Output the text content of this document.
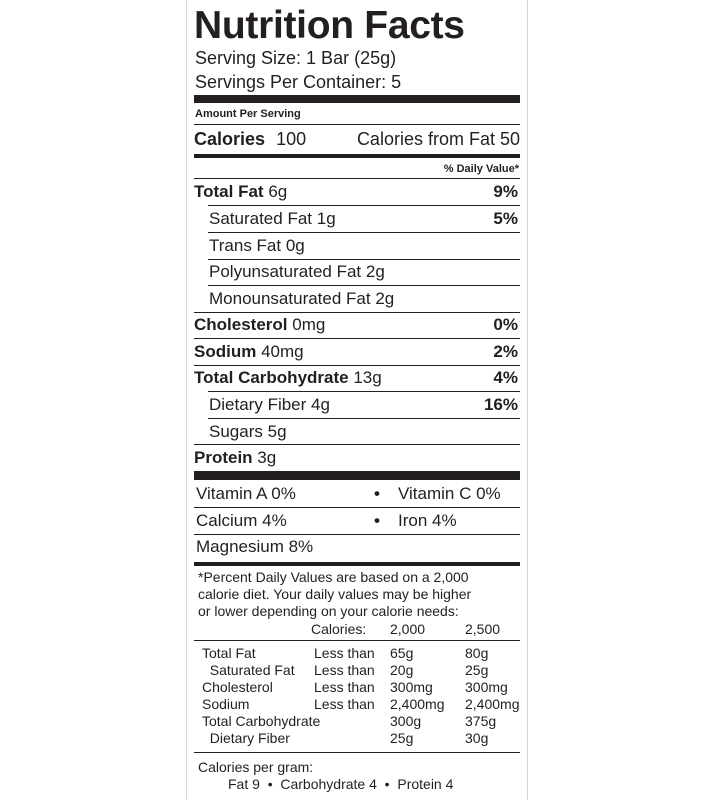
Nutrition Facts
Serving Size: 1 Bar (25g)
Servings Per Container: 5
Amount Per Serving
Calories 100	Calories from Fat 50
% Daily Value*
Total Fat 6g	9%
Saturated Fat 1g	5%
Trans Fat 0g
Polyunsaturated Fat 2g
Monounsaturated Fat 2g
Cholesterol 0mg	0%
Sodium 40mg	2%
Total Carbohydrate 13g	4%
Dietary Fiber 4g	16%
Sugars 5g
Protein 3g
Vitamin A 0%	• Vitamin C 0%
Calcium 4%	• Iron 4%
Magnesium 8%
*Percent Daily Values are based on a 2,000
calorie diet. Your daily values may be higher
or lower depending on your calorie needs:
Calories: 2,000	2,500
Total Fat	Less than 65g	80g
Saturated Fat Less than 20g	25g
Cholesterol	Less than 300mg 300mg
Sodium	Less than 2,400mg 2,400mg
Total Carbohydrate	300g	375g
Dietary Fiber	25g	30g
Calories per gram:
Fat 9 • Carbohydrate 4 • Protein 4
